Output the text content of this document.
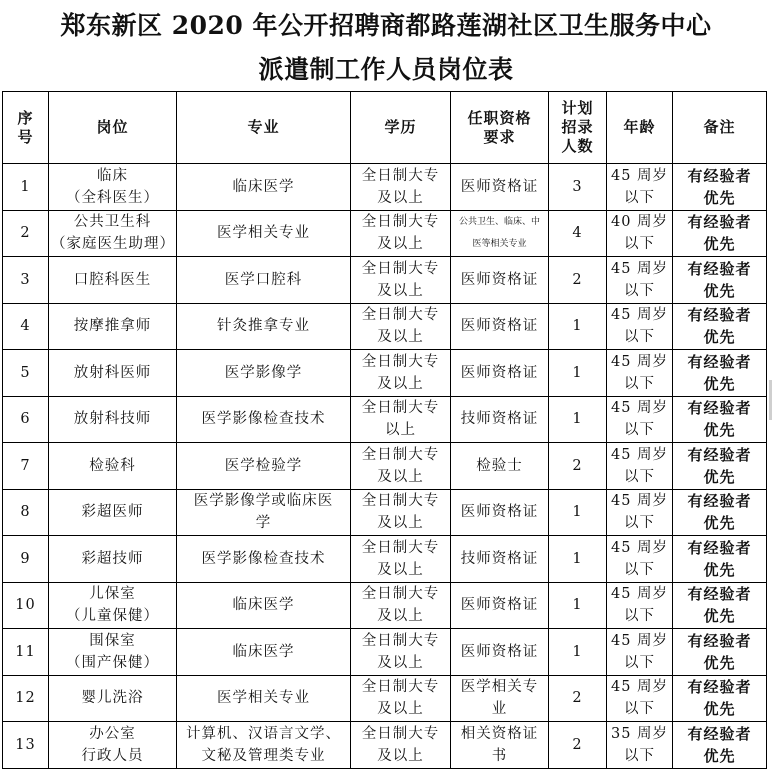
郑东新区 2020 年公开招聘商都路莲湖社区卫生服务中心
派遣制工作人员岗位表
序
号	岗位	专业	学历	任职资格
要求	计划
招录
人数	年龄	备注
1	临床
（全科医生）	临床医学	全日制大专
及以上	医师资格证	3	45 周岁
以下	有经验者
优先

2	公共卫生科
（家庭医生助理）	医学相关专业	全日制大专
及以上	公共卫生、临床、中
医等相关专业	4	40 周岁
以下	有经验者
优先

3	口腔科医生	医学口腔科	全日制大专
及以上	医师资格证	2	45 周岁
以下	有经验者
优先

4	按摩推拿师	针灸推拿专业	全日制大专
及以上	医师资格证	1	45 周岁
以下	有经验者
优先

5	放射科医师	医学影像学	全日制大专
及以上	医师资格证	1	45 周岁
以下	有经验者
优先

6	放射科技师	医学影像检查技术	全日制大专
以上	技师资格证	1	45 周岁
以下	有经验者
优先

7	检验科	医学检验学	全日制大专
及以上	检验士	2	45 周岁
以下	有经验者
优先

8	彩超医师	医学影像学或临床医
学	全日制大专
及以上	医师资格证	1	45 周岁
以下	有经验者
优先

9	彩超技师	医学影像检查技术	全日制大专
及以上	技师资格证	1	45 周岁
以下	有经验者
优先

10	儿保室
（儿童保健）	临床医学	全日制大专
及以上	医师资格证	1	45 周岁
以下	有经验者
优先

11	围保室
（围产保健）	临床医学	全日制大专
及以上	医师资格证	1	45 周岁
以下	有经验者
优先

12	婴儿洗浴	医学相关专业	全日制大专
及以上	医学相关专
业	2	45 周岁
以下	有经验者
优先

13	办公室
行政人员	计算机、汉语言文学、
文秘及管理类专业	全日制大专
及以上	相关资格证
书	2	35 周岁
以下	有经验者
优先
